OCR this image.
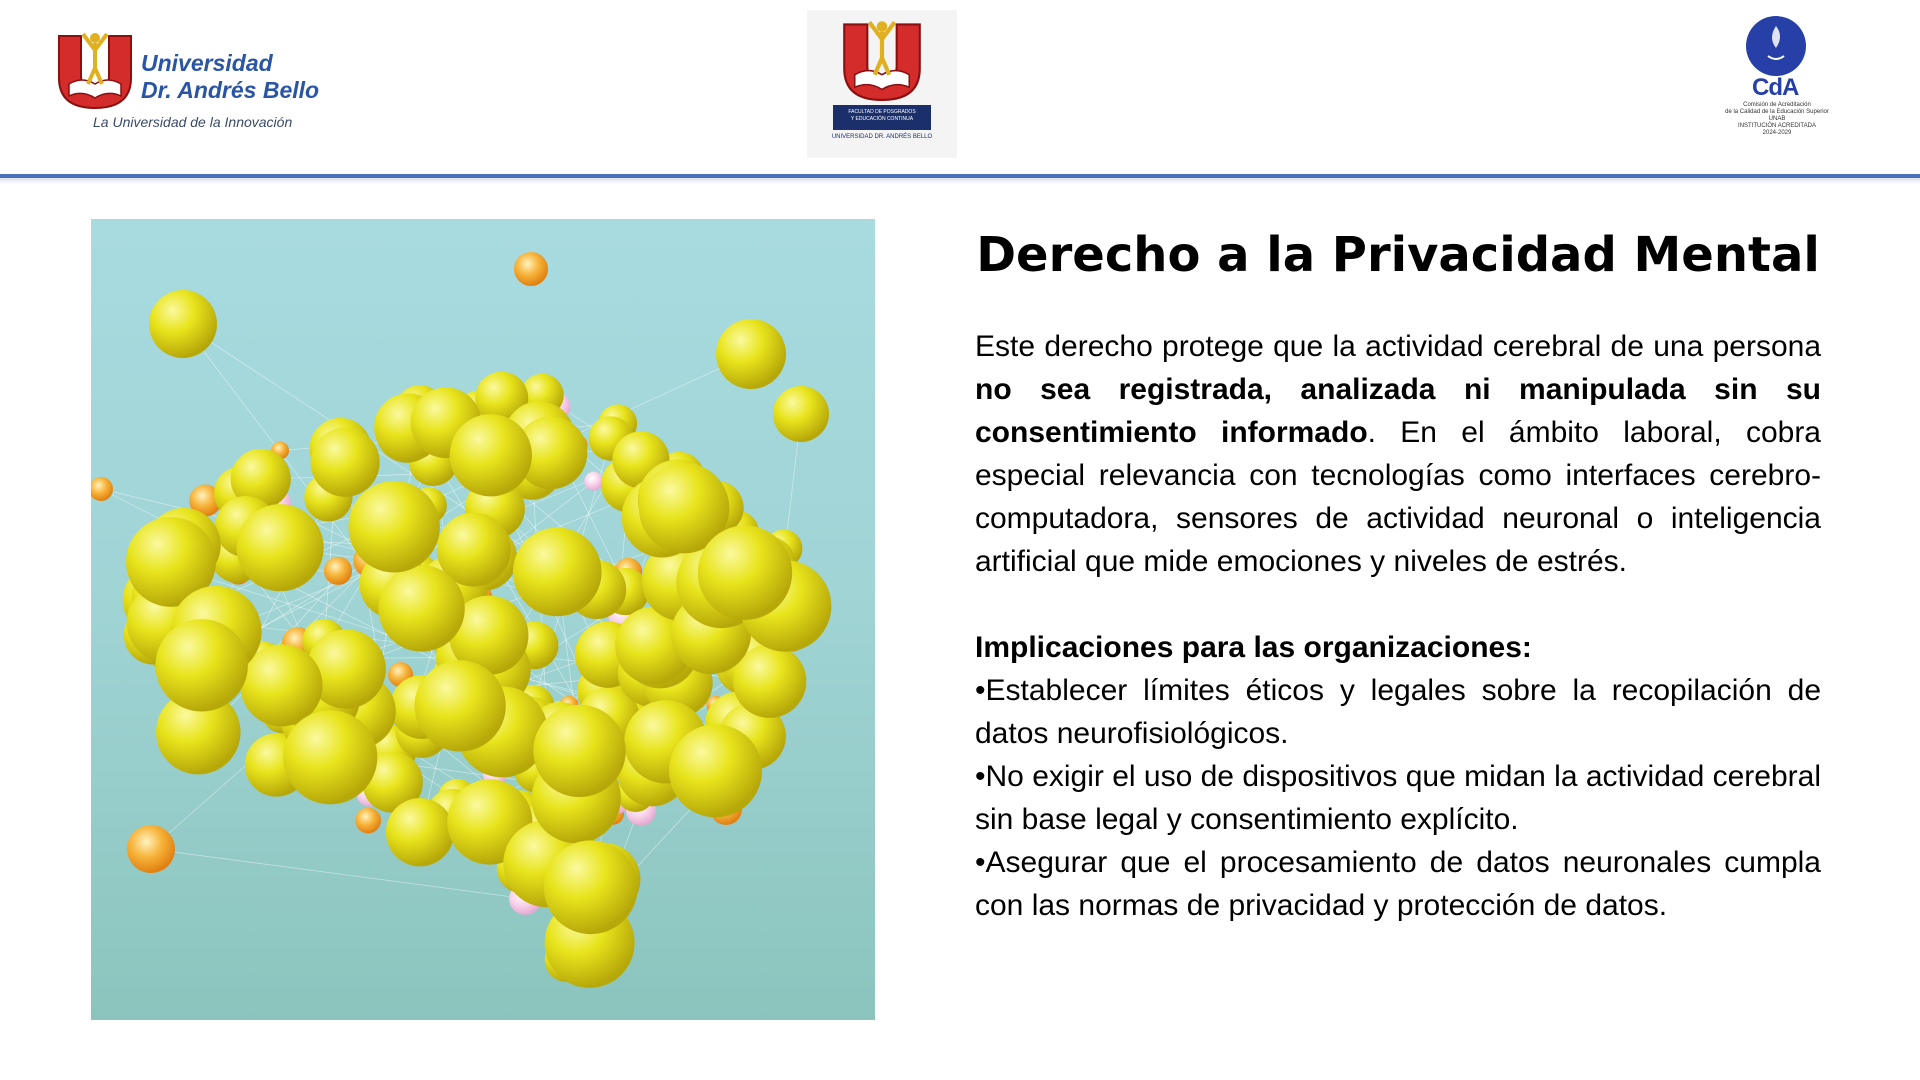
Universidad
Dr. Andrés Bello
La Universidad de la Innovación
FACULTAD DE POSGRADOS
Y EDUCACIÓN CONTINUA
UNIVERSIDAD DR. ANDRÉS BELLO
CdA
Comisión de Acreditación
de la Calidad de la Educación Superior
UNAB
INSTITUCIÓN ACREDITADA
2024-2029
Derecho a la Privacidad Mental

Este derecho protege que la actividad cerebral de una persona no sea registrada, analizada ni manipulada sin su consentimiento informado. En el ámbito laboral, cobra especial relevancia con tecnologías como interfaces cerebro-computadora, sensores de actividad neuronal o inteligencia artificial que mide emociones y niveles de estrés.

Implicaciones para las organizaciones:

•Establecer límites éticos y legales sobre la recopilación de datos neurofisiológicos.

•No exigir el uso de dispositivos que midan la actividad cerebral sin base legal y consentimiento explícito.

•Asegurar que el procesamiento de datos neuronales cumpla con las normas de privacidad y protección de datos.
